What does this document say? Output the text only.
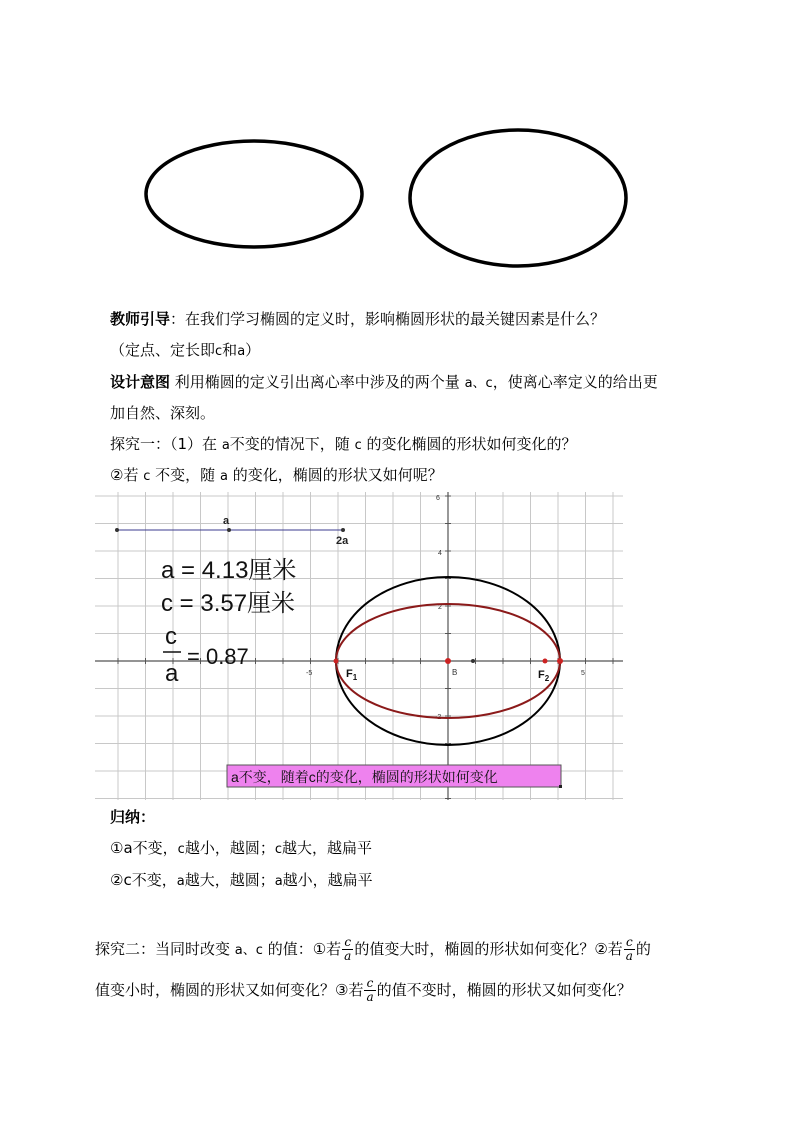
教师引导：在我们学习椭圆的定义时，影响椭圆形状的最关键因素是什么？
（定点、定长即c和a）
设计意图 利用椭圆的定义引出离心率中涉及的两个量 a、c，使离心率定义的给出更
加自然、深刻。
探究一：（1）在 a不变的情况下，随 c 的变化椭圆的形状如何变化的？
②若 c 不变，随 a 的变化，椭圆的形状又如何呢？
-5	5
6
4
2
-2
a
2a
a = 4.13厘米
c = 3.57厘米
c
a
= 0.87
$F_1$	$F_2$
B
a不变，随着c的变化，椭圆的形状如何变化
归纳：
①a不变，c越小，越圆；c越大，越扁平
②c不变，a越大，越圆；a越小，越扁平
探究二：当同时改变 a、c 的值：①若 $\frac{c}{a}$ 的值变大时，椭圆的形状如何变化？②若 $\frac{c}{a}$ 的
值变小时，椭圆的形状又如何变化？③若 $\frac{c}{a}$ 的值不变时，椭圆的形状又如何变化？
